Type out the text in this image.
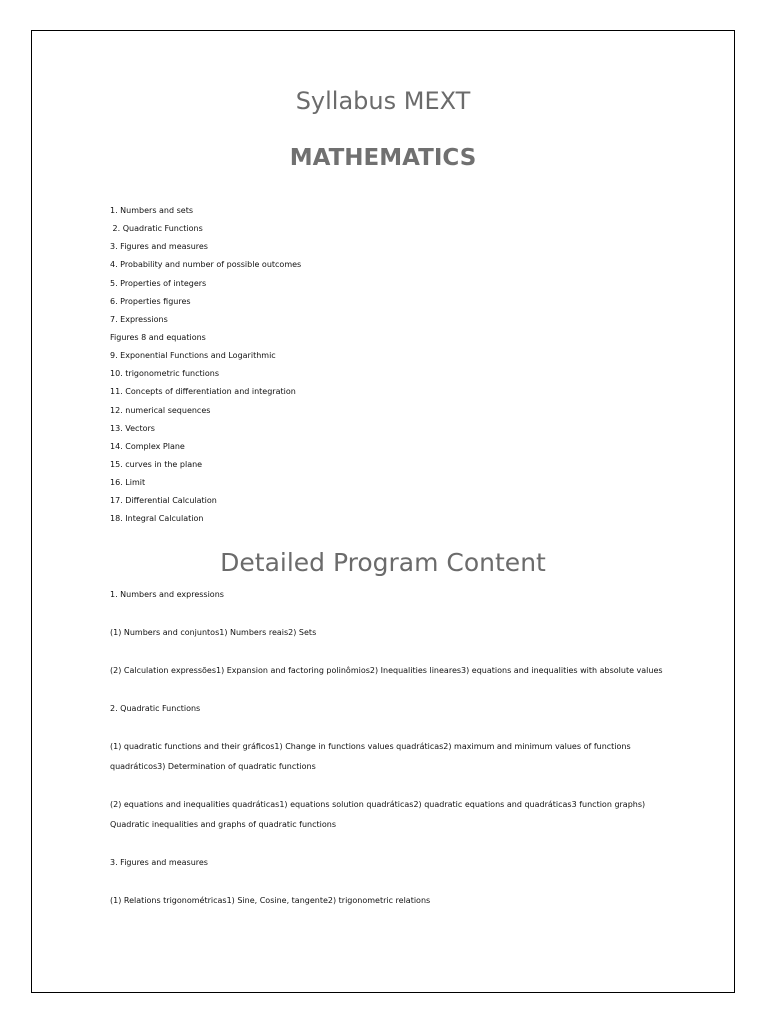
Syllabus MEXT
MATHEMATICS
1. Numbers and sets
2. Quadratic Functions
3. Figures and measures
4. Probability and number of possible outcomes
5. Properties of integers
6. Properties figures
7. Expressions
Figures 8 and equations
9. Exponential Functions and Logarithmic
10. trigonometric functions
11. Concepts of differentiation and integration
12. numerical sequences
13. Vectors
14. Complex Plane
15. curves in the plane
16. Limit
17. Differential Calculation
18. Integral Calculation
Detailed Program Content
1. Numbers and expressions
(1) Numbers and conjuntos1) Numbers reais2) Sets
(2) Calculation expressões1) Expansion and factoring polinômios2) Inequalities lineares3) equations and inequalities with absolute values
2. Quadratic Functions
(1) quadratic functions and their gráficos1) Change in functions values quadráticas2) maximum and minimum values of functions quadráticos3) Determination of quadratic functions
(2) equations and inequalities quadráticas1) equations solution quadráticas2) quadratic equations and quadráticas3 function graphs) Quadratic inequalities and graphs of quadratic functions
3. Figures and measures
(1) Relations trigonométricas1) Sine, Cosine, tangente2) trigonometric relations
